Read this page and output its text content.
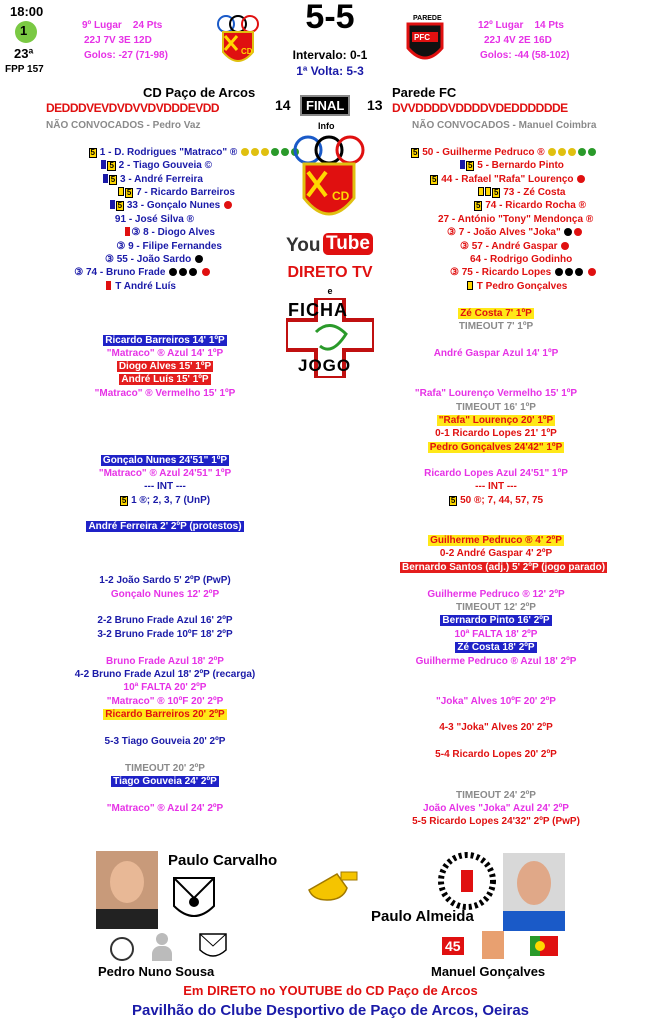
18:00
1
23ª
FPP 157
9º Lugar 24 Pts
22J 7V 3E 12D
Golos: -27 (71-98)	CD
5-5
Intervalo: 0-1
1ª Volta: 5-3
PAREDE
PFC
12º Lugar 14 Pts
22J 4V 2E 16D
Golos: -44 (58-102)
CD Paço de Arcos	Parede FC
DEDDDVEVDVDVVDVDDDEVDD	14	FINAL	13 DVVDDDDVDDDDVDEDDDDDDE
NÃO CONVOCADOS - Pedro Vaz	Info	NÃO CONVOCADOS - Manuel Coimbra
5 1 - D. Rodrigues "Matraco" ®
5 2 - Tiago Gouveia ©
5 3 - André Ferreira
5 7 - Ricardo Barreiros
5 33 - Gonçalo Nunes
91 - José Silva ®
③ 8 - Diogo Alves
③ 9 - Filipe Fernandes
③ 55 - João Sardo
③ 74 - Bruno Frade
T André Luís
5 50 - Guilherme Pedruco ®
5 5 - Bernardo Pinto
5 44 - Rafael "Rafa" Lourenço
5 73 - Zé Costa
5 74 - Ricardo Rocha ®
27 - António "Tony" Mendonça ®
③ 7 - João Alves "Joka"
③ 57 - André Gaspar
64 - Rodrigo Godinho
③ 75 - Ricardo Lopes
T Pedro Gonçalves
CD
You Tube
DIRETO TV
e
FICHA
JOGO
Ricardo Barreiros 14' 1ºP
"Matraco" ® Azul 14' 1ºP
Diogo Alves 15' 1ºP
André Luís 15' 1ºP
"Matraco" ® Vermelho 15' 1ºP
Gonçalo Nunes 24'51" 1ºP
"Matraco" ® Azul 24'51" 1ºP
--- INT ---
5 1 ®; 2, 3, 7 (UnP)
André Ferreira 2' 2ºP (protestos)
1-2 João Sardo 5' 2ºP (PwP)
Gonçalo Nunes 12' 2ºP
2-2 Bruno Frade Azul 16' 2ºP
3-2 Bruno Frade 10ºF 18' 2ºP
Bruno Frade Azul 18' 2ºP
4-2 Bruno Frade Azul 18' 2ºP (recarga)
10ª FALTA 20' 2ºP
"Matraco" ® 10ºF 20' 2ºP
Ricardo Barreiros 20' 2ºP
5-3 Tiago Gouveia 20' 2ºP
TIMEOUT 20' 2ºP
Tiago Gouveia 24' 2ºP
"Matraco" ® Azul 24' 2ºP
Zé Costa 7' 1ºP
TIMEOUT 7' 1ºP
André Gaspar Azul 14' 1ºP
"Rafa" Lourenço Vermelho 15' 1ºP
TIMEOUT 16' 1ºP
"Rafa" Lourenço 20' 1ºP
0-1 Ricardo Lopes 21' 1ºP
Pedro Gonçalves 24'42" 1ºP
Ricardo Lopes Azul 24'51" 1ºP
--- INT ---
5 50 ®; 7, 44, 57, 75
Guilherme Pedruco ® 4' 2ºP
0-2 André Gaspar 4' 2ºP
Bernardo Santos (adj.) 5' 2ºP (jogo parado)
Guilherme Pedruco ® 12' 2ºP
TIMEOUT 12' 2ºP
Bernardo Pinto 16' 2ºP
10ª FALTA 18' 2ºP
Zé Costa 18' 2ºP
Guilherme Pedruco ® Azul 18' 2ºP
"Joka" Alves 10ºF 20' 2ºP
4-3 "Joka" Alves 20' 2ºP
5-4 Ricardo Lopes 20' 2ºP
TIMEOUT 24' 2ºP
João Alves "Joka" Azul 24' 2ºP
5-5 Ricardo Lopes 24'32" 2ºP (PwP)
Paulo Carvalho
Paulo Almeida
Pedro Nuno Sousa
45
Manuel Gonçalves
Em DIRETO no YOUTUBE do CD Paço de Arcos
Pavilhão do Clube Desportivo de Paço de Arcos, Oeiras
